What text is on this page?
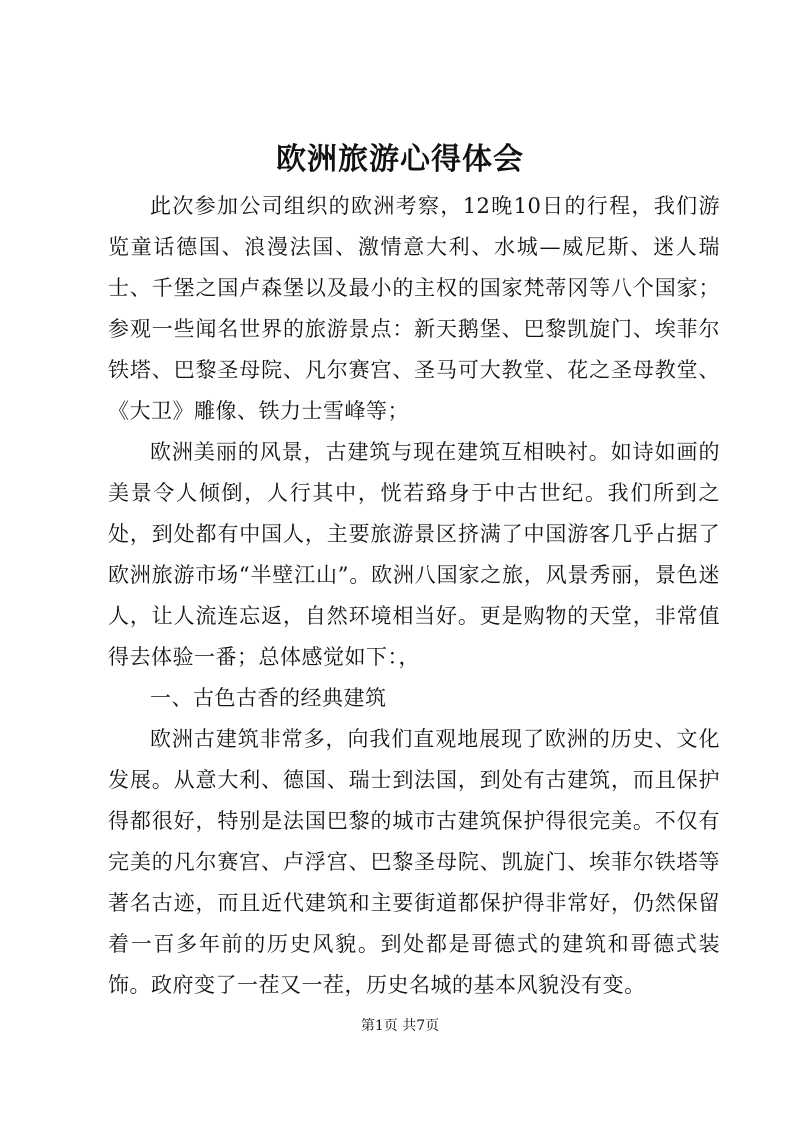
欧洲旅游心得体会

此次参加公司组织的欧洲考察，12晚10日的行程，我们游览童话德国、浪漫法国、激情意大利、水城—威尼斯、迷人瑞士、千堡之国卢森堡以及最小的主权的国家梵蒂冈等八个国家；参观一些闻名世界的旅游景点：新天鹅堡、巴黎凯旋门、埃菲尔铁塔、巴黎圣母院、凡尔赛宫、圣马可大教堂、花之圣母教堂、《大卫》雕像、铁力士雪峰等；

欧洲美丽的风景，古建筑与现在建筑互相映衬。如诗如画的美景令人倾倒，人行其中，恍若臵身于中古世纪。我们所到之处，到处都有中国人，主要旅游景区挤满了中国游客几乎占据了欧洲旅游市场“半壁江山”。欧洲八国家之旅，风景秀丽，景色迷人，让人流连忘返，自然环境相当好。更是购物的天堂，非常值得去体验一番；总体感觉如下：，

一、古色古香的经典建筑

欧洲古建筑非常多，向我们直观地展现了欧洲的历史、文化发展。从意大利、德国、瑞士到法国，到处有古建筑，而且保护得都很好，特别是法国巴黎的城市古建筑保护得很完美。不仅有完美的凡尔赛宫、卢浮宫、巴黎圣母院、凯旋门、埃菲尔铁塔等著名古迹，而且近代建筑和主要街道都保护得非常好，仍然保留着一百多年前的历史风貌。到处都是哥德式的建筑和哥德式装饰。政府变了一茬又一茬，历史名城的基本风貌没有变。

第1页 共7页
